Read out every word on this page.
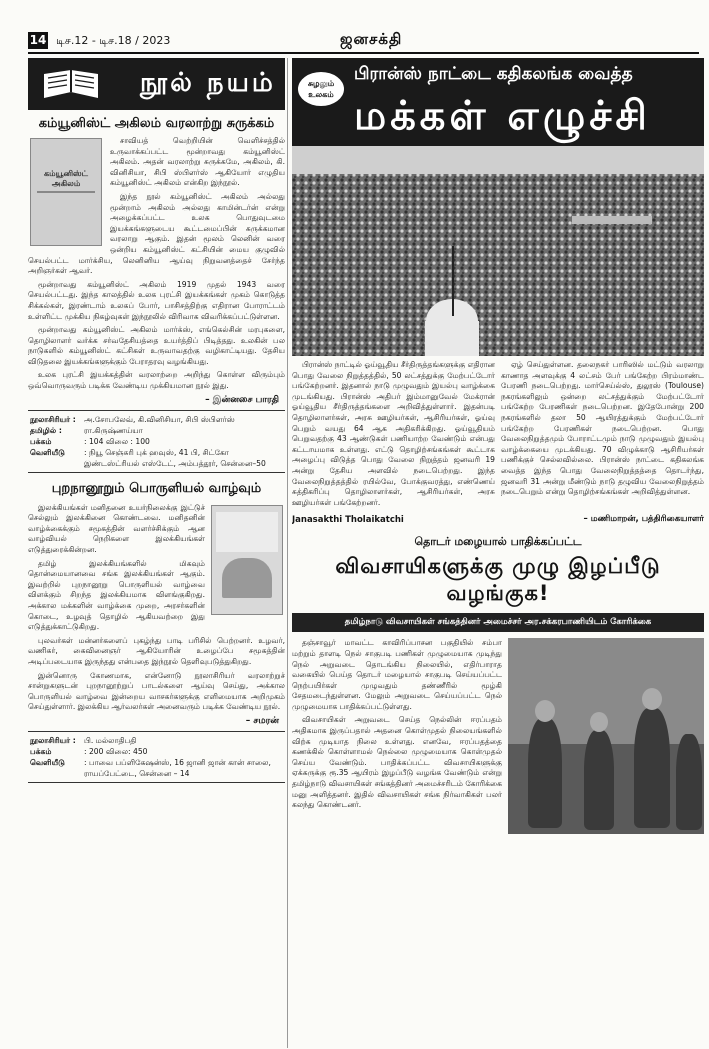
14 டிச.12 - டிச.18 / 2023	ஜனசக்தி
நூல் நயம்
கம்யூனிஸ்ட் அகிலம் வரலாற்று சுருக்கம்
கம்யூனிஸ்ட் அகிலம்

சாவியத் வெற்றியின் வெளிச்சத்தில் உருவாக்கப்பட்ட மூன்றாவது கம்யூனிஸ்ட் அகிலம். அதன் வரலாற்று சுருக்கமே, அகிலம், கி. வினிசியா, சிபி ஸ்பிளர்ஸ் ஆகியோர் எழுதிய கம்யூனிஸ்ட் அகிலம் என்கிற இந்நூல்.

இந்த நூல் கம்யூனிஸ்ட் அகிலம் அல்லது மூன்றாம் அகிலம் அல்லது காமின்டர்ன் என்று அழைக்கப்பட்ட உலக பொதுவுடமை இயக்கங்களுடைய கூட்டமைப்பின் சுருக்கமான வரலாறு ஆகும். இதன் மூலம் லெனின் வரை ஒன்றிய கம்யூனிஸ்ட் கட்சியின் மைய குழுவில் செயல்பட்ட மார்க்சிய, லெனினிய ஆய்வு நிறுவனத்தைச் சேர்ந்த அறிஞர்கள் ஆவர்.

மூன்றாவது கம்யூனிஸ்ட் அகிலம் 1919 முதல் 1943 வரை செயல்பட்டது. இந்த காலத்தில் உலக புரட்சி இயக்கங்கள் முகம் கொடுத்த சிக்கல்கள், இரண்டாம் உலகப் போர், பாசிசத்திற்கு எதிரான போராட்டம் உள்ளிட்ட முக்கிய நிகழ்வுகள் இந்நூலில் விரிவாக விவரிக்கப்பட்டுள்ளன.

மூன்றாவது கம்யூனிஸ்ட் அகிலம் மார்க்ஸ், எங்கெல்சின் மரபுகளை, தொழிலாளர் வர்க்க சர்வதேசியத்தை உயர்த்திப் பிடித்தது. உலகின் பல நாடுகளில் கம்யூனிஸ்ட் கட்சிகள் உருவாவதற்கு வழிகாட்டியது. தேசிய விடுதலை இயக்கங்களுக்கும் பேராதரவு வழங்கியது.

உலக புரட்சி இயக்கத்தின் வரலாற்றை அறிந்து கொள்ள விரும்பும் ஒவ்வொருவரும் படிக்க வேண்டிய முக்கியமான நூல் இது.

– இன்னசை பாரதி
நூலாசிரியர் :	அ.சோபலேவ், கி.வினிசியா, சிபி ஸ்பிளர்ஸ்
தமிழில் :	ரா.கிருஷ்ணய்யா
பக்கம்	: 104 விலை : 100
வெளியீடு	: நியூ செஞ்சுரி புக் ஹவுஸ், 41 பி, சிட்கோ இண்டஸ்ட்ரியல் எஸ்டேட், அம்பத்தூர், சென்னை–50
புறநானூறும் பொருளியல் வாழ்வும்

இலக்கியங்கள் மனிதனை உயர்நிலைக்கு இட்டுச் செல்லும் இலக்கினை கொண்டவை. மனிதனின் வாழ்க்கைக்கும் சமூகத்தின் வளர்ச்சிக்கும் ஆன வாழ்வியல் நெறிகளை இலக்கியங்கள் எடுத்துரைக்கின்றன.

தமிழ் இலக்கியங்களில் மிகவும் தொன்மையானவை சங்க இலக்கியங்கள் ஆகும். இவற்றில் புறநானூறு பொருளியல் வாழ்வை விளக்கும் சிறந்த இலக்கியமாக விளங்குகிறது. அக்கால மக்களின் வாழ்க்கை முறை, அரசர்களின் கொடை, உழவுத் தொழில் ஆகியவற்றை இது எடுத்துக்காட்டுகிறது.

புலவர்கள் மன்னர்களைப் புகழ்ந்து பாடி பரிசில் பெற்றனர். உழவர், வணிகர், கைவினைஞர் ஆகியோரின் உழைப்பே சமூகத்தின் அடிப்படையாக இருந்தது என்பதை இந்நூல் தெளிவுபடுத்துகிறது.

இன்னொரு கோணமாக, என்னோடு நூலாசிரியர் வரலாற்றுச் சான்றுகளுடன் புறநானூற்றுப் பாடல்களை ஆய்வு செய்து, அக்கால பொருளியல் வாழ்வை இன்றைய வாசகர்களுக்கு எளிமையாக அறிமுகம் செய்துள்ளார். இலக்கிய ஆர்வலர்கள் அனைவரும் படிக்க வேண்டிய நூல்.

– சமரன்
நூலாசிரியர் :	பி. மல்லாதிபதி
பக்கம்	: 200 விலை: 450
வெளியீடு	: பாவை பப்ளிகேஷன்ஸ், 16 ஜானி ஜான் கான் சாலை, ராயப்பேட்டை, சென்னை – 14
சுழலும் உலகம்
பிரான்ஸ் நாட்டை கதிகலங்க வைத்த
மக்கள் எழுச்சி

பிரான்ஸ் நாட்டில் ஓய்வூதிய சீர்திருத்தங்களுக்கு எதிரான பொது வேலை நிறுத்தத்தில், 50 லட்சத்துக்கு மேற்பட்டோர் பங்கேற்றனர். இதனால் நாடு முழுவதும் இயல்பு வாழ்க்கை முடங்கியது. பிரான்ஸ் அதிபர் இம்மானுவேல் மேக்ரான் ஓய்வூதிய சீர்திருத்தங்களை அறிவித்துள்ளார். இதன்படி தொழிலாளர்கள், அரசு ஊழியர்கள், ஆசிரியர்கள், ஓய்வு பெறும் வயது 64 ஆக அதிகரிக்கிறது. ஓய்வூதியம் பெறுவதற்கு 43 ஆண்டுகள் பணியாற்ற வேண்டும் என்பது கட்டாயமாக உள்ளது. எட்டு தொழிற்சங்கங்கள் கூட்டாக அழைப்பு விடுத்த பொது வேலை நிறுத்தம் ஜனவரி 19 அன்று தேசிய அளவில் நடைபெற்றது. இந்த வேலைநிறுத்தத்தில் ரயில்வே, போக்குவரத்து, எண்ணெய் சுத்திகரிப்பு தொழிலாளர்கள், ஆசிரியர்கள், அரசு ஊழியர்கள் பங்கேற்றனர்.

ஏழ் செய்துள்ளன. தலைநகர் பாரிஸில் மட்டும் வரலாறு காணாத அளவுக்கு 4 லட்சம் பேர் பங்கேற்ற பிரம்மாண்ட பேரணி நடைபெற்றது. மார்செய்ல்ஸ், துலூஸ் (Toulouse) நகரங்களிலும் ஒன்றை லட்சத்துக்கும் மேற்பட்டோர் பங்கேற்ற பேரணிகள் நடைபெற்றன. இதேபோன்று 200 நகரங்களில் தலா 50 ஆயிரத்துக்கும் மேற்பட்டோர் பங்கேற்ற பேரணிகள் நடைபெற்றன. பொது வேலைநிறுத்தமும் போராட்டமும் நாடு முழுவதும் இயல்பு வாழ்க்கையை முடக்கியது. 70 விழுக்காடு ஆசிரியர்கள் பணிக்குச் செல்லவில்லை. பிரான்ஸ் நாட்டை கதிகலங்க வைத்த இந்த பொது வேலைநிறுத்தத்தை தொடர்ந்து, ஜனவரி 31 அன்று மீண்டும் நாடு தழுவிய வேலைநிறுத்தம் நடைபெறும் என்று தொழிற்சங்கங்கள் அறிவித்துள்ளன.

Janasakthi Tholaikatchi	– மணிமாறன், பத்திரிகையாளர்
தொடர் மழையால் பாதிக்கப்பட்ட
விவசாயிகளுக்கு முழு இழப்பீடு வழங்குக!
தமிழ்நாடு விவசாயிகள் சங்கத்தினர் அமைச்சர் அர.சக்கரபாணியிடம் கோரிக்கை

தஞ்சாவூர் மாவட்ட காவிரிப்பாசன பகுதியில் சம்பா மற்றும் தாளடி நெல் சாகுபடி பணிகள் முழுமையாக முடிந்து நெல் அறுவடை தொடங்கிய நிலையில், எதிர்பாராத வகையில் பெய்த தொடர் மழையால் சாகுபடி செய்யப்பட்ட நெற்பயிர்கள் முழுவதும் தண்ணீரில் மூழ்கி சேதமடைந்துள்ளன. மேலும் அறுவடை செய்யப்பட்ட நெல் முழுமையாக பாதிக்கப்பட்டுள்ளது.

விவசாயிகள் அறுவடை செய்த நெல்லின் ஈரப்பதம் அதிகமாக இருப்பதால் அதனை கொள்முதல் நிலையங்களில் விற்க முடியாத நிலை உள்ளது. எனவே, ஈரப்பதத்தை கணக்கில் கொள்ளாமல் நெல்லை முழுமையாக கொள்முதல் செய்ய வேண்டும். பாதிக்கப்பட்ட விவசாயிகளுக்கு ஏக்கருக்கு ரூ.35 ஆயிரம் இழப்பீடு வழங்க வேண்டும் என்று தமிழ்நாடு விவசாயிகள் சங்கத்தினர் அமைச்சரிடம் கோரிக்கை மனு அளித்தனர். இதில் விவசாயிகள் சங்க நிர்வாகிகள் பலர் கலந்து கொண்டனர்.
